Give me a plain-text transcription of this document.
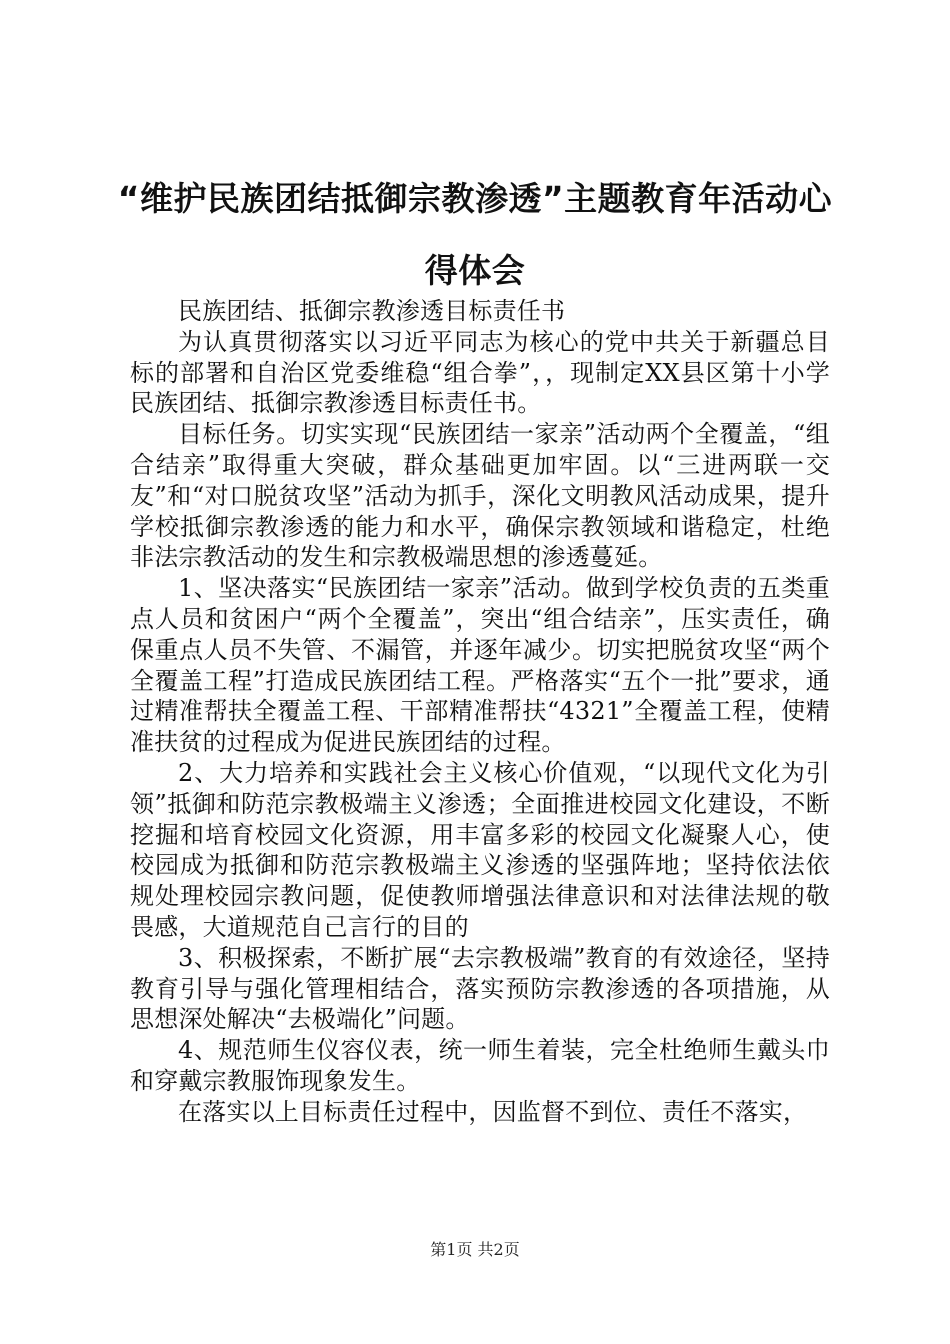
“维护民族团结抵御宗教渗透”主题教育年活动心得体会

民族团结、抵御宗教渗透目标责任书

为认真贯彻落实以习近平同志为核心的党中共关于新疆总目标的部署和自治区党委维稳“组合拳”，，现制定XX县区第十小学民族团结、抵御宗教渗透目标责任书。

目标任务。切实实现“民族团结一家亲”活动两个全覆盖，“组合结亲”取得重大突破，群众基础更加牢固。以“三进两联一交友”和“对口脱贫攻坚”活动为抓手，深化文明教风活动成果，提升学校抵御宗教渗透的能力和水平，确保宗教领域和谐稳定，杜绝非法宗教活动的发生和宗教极端思想的渗透蔓延。

1、坚决落实“民族团结一家亲”活动。做到学校负责的五类重点人员和贫困户“两个全覆盖”，突出“组合结亲”，压实责任，确保重点人员不失管、不漏管，并逐年减少。切实把脱贫攻坚“两个全覆盖工程”打造成民族团结工程。严格落实“五个一批”要求，通过精准帮扶全覆盖工程、干部精准帮扶“4321”全覆盖工程，使精准扶贫的过程成为促进民族团结的过程。

2、大力培养和实践社会主义核心价值观，“以现代文化为引领”抵御和防范宗教极端主义渗透；全面推进校园文化建设，不断挖掘和培育校园文化资源，用丰富多彩的校园文化凝聚人心，使校园成为抵御和防范宗教极端主义渗透的坚强阵地；坚持依法依规处理校园宗教问题，促使教师增强法律意识和对法律法规的敬畏感，大道规范自己言行的目的

3、积极探索，不断扩展“去宗教极端”教育的有效途径，坚持教育引导与强化管理相结合，落实预防宗教渗透的各项措施，从思想深处解决“去极端化”问题。

4、规范师生仪容仪表，统一师生着装，完全杜绝师生戴头巾和穿戴宗教服饰现象发生。

在落实以上目标责任过程中，因监督不到位、责任不落实，

第1页 共2页
